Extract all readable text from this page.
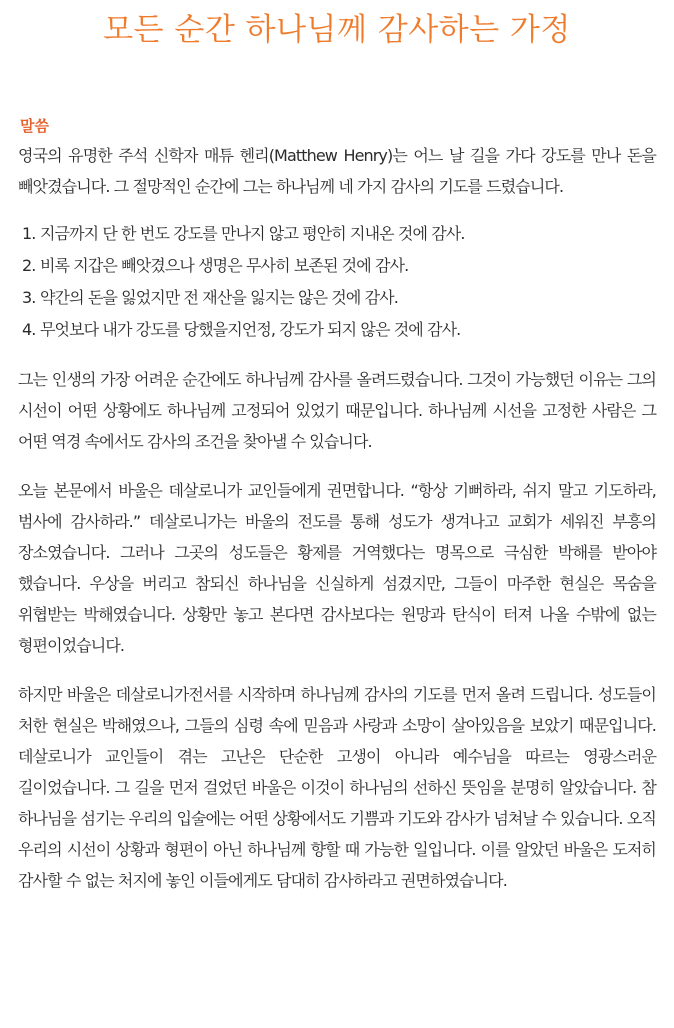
모든 순간 하나님께 감사하는 가정
말씀

영국의 유명한 주석 신학자 매튜 헨리(Matthew Henry)는 어느 날 길을 가다 강도를 만나 돈을 빼앗겼습니다. 그 절망적인 순간에 그는 하나님께 네 가지 감사의 기도를 드렸습니다.

1. 지금까지 단 한 번도 강도를 만나지 않고 평안히 지내온 것에 감사.
2. 비록 지갑은 빼앗겼으나 생명은 무사히 보존된 것에 감사.
3. 약간의 돈을 잃었지만 전 재산을 잃지는 않은 것에 감사.
4. 무엇보다 내가 강도를 당했을지언정, 강도가 되지 않은 것에 감사.

그는 인생의 가장 어려운 순간에도 하나님께 감사를 올려드렸습니다. 그것이 가능했던 이유는 그의 시선이 어떤 상황에도 하나님께 고정되어 있었기 때문입니다. 하나님께 시선을 고정한 사람은 그 어떤 역경 속에서도 감사의 조건을 찾아낼 수 있습니다.

오늘 본문에서 바울은 데살로니가 교인들에게 권면합니다. “항상 기뻐하라, 쉬지 말고 기도하라, 범사에 감사하라.” 데살로니가는 바울의 전도를 통해 성도가 생겨나고 교회가 세워진 부흥의 장소였습니다. 그러나 그곳의 성도들은 황제를 거역했다는 명목으로 극심한 박해를 받아야 했습니다. 우상을 버리고 참되신 하나님을 신실하게 섬겼지만, 그들이 마주한 현실은 목숨을 위협받는 박해였습니다. 상황만 놓고 본다면 감사보다는 원망과 탄식이 터져 나올 수밖에 없는 형편이었습니다.

하지만 바울은 데살로니가전서를 시작하며 하나님께 감사의 기도를 먼저 올려 드립니다. 성도들이 처한 현실은 박해였으나, 그들의 심령 속에 믿음과 사랑과 소망이 살아있음을 보았기 때문입니다. 데살로니가 교인들이 겪는 고난은 단순한 고생이 아니라 예수님을 따르는 영광스러운 길이었습니다. 그 길을 먼저 걸었던 바울은 이것이 하나님의 선하신 뜻임을 분명히 알았습니다. 참 하나님을 섬기는 우리의 입술에는 어떤 상황에서도 기쁨과 기도와 감사가 넘쳐날 수 있습니다. 오직 우리의 시선이 상황과 형편이 아닌 하나님께 향할 때 가능한 일입니다. 이를 알았던 바울은 도저히 감사할 수 없는 처지에 놓인 이들에게도 담대히 감사하라고 권면하였습니다.
